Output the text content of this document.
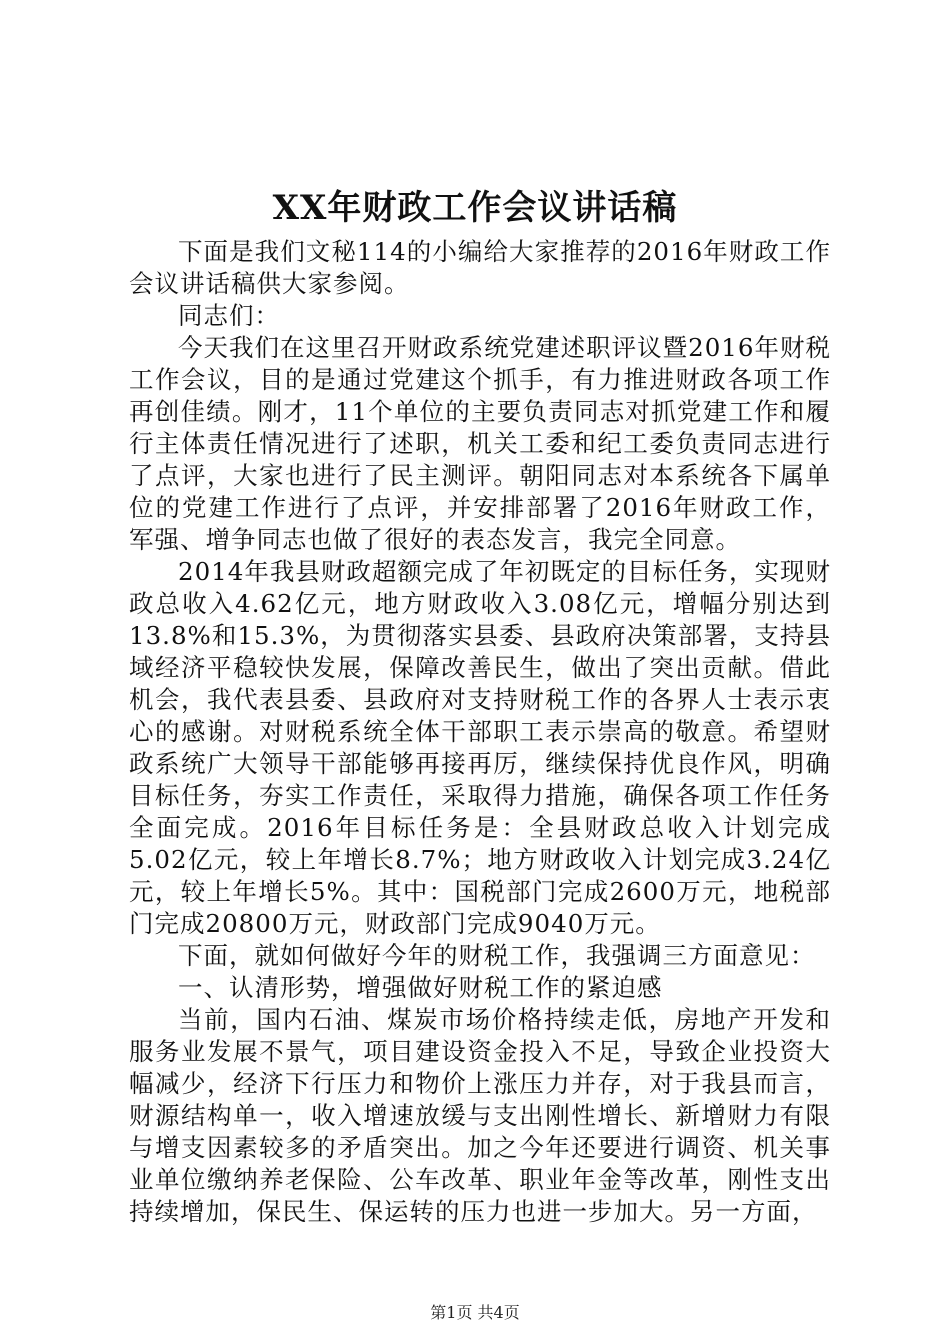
XX年财政工作会议讲话稿

下面是我们文秘114的小编给大家推荐的2016年财政工作会议讲话稿供大家参阅。

同志们：

今天我们在这里召开财政系统党建述职评议暨2016年财税工作会议，目的是通过党建这个抓手，有力推进财政各项工作再创佳绩。刚才，11个单位的主要负责同志对抓党建工作和履行主体责任情况进行了述职，机关工委和纪工委负责同志进行了点评，大家也进行了民主测评。朝阳同志对本系统各下属单位的党建工作进行了点评，并安排部署了2016年财政工作，军强、增争同志也做了很好的表态发言，我完全同意。

2014年我县财政超额完成了年初既定的目标任务，实现财政总收入4.62亿元，地方财政收入3.08亿元，增幅分别达到13.8%和15.3%，为贯彻落实县委、县政府决策部署，支持县域经济平稳较快发展，保障改善民生，做出了突出贡献。借此机会，我代表县委、县政府对支持财税工作的各界人士表示衷心的感谢。对财税系统全体干部职工表示崇高的敬意。希望财政系统广大领导干部能够再接再厉，继续保持优良作风，明确目标任务，夯实工作责任，采取得力措施，确保各项工作任务全面完成。2016年目标任务是：全县财政总收入计划完成5.02亿元，较上年增长8.7%；地方财政收入计划完成3.24亿元，较上年增长5%。其中：国税部门完成2600万元，地税部门完成20800万元，财政部门完成9040万元。

下面，就如何做好今年的财税工作，我强调三方面意见：

一、认清形势，增强做好财税工作的紧迫感

当前，国内石油、煤炭市场价格持续走低，房地产开发和服务业发展不景气，项目建设资金投入不足，导致企业投资大幅减少，经济下行压力和物价上涨压力并存，对于我县而言，财源结构单一，收入增速放缓与支出刚性增长、新增财力有限与增支因素较多的矛盾突出。加之今年还要进行调资、机关事业单位缴纳养老保险、公车改革、职业年金等改革，刚性支出持续增加，保民生、保运转的压力也进一步加大。另一方面，

第1页 共4页
